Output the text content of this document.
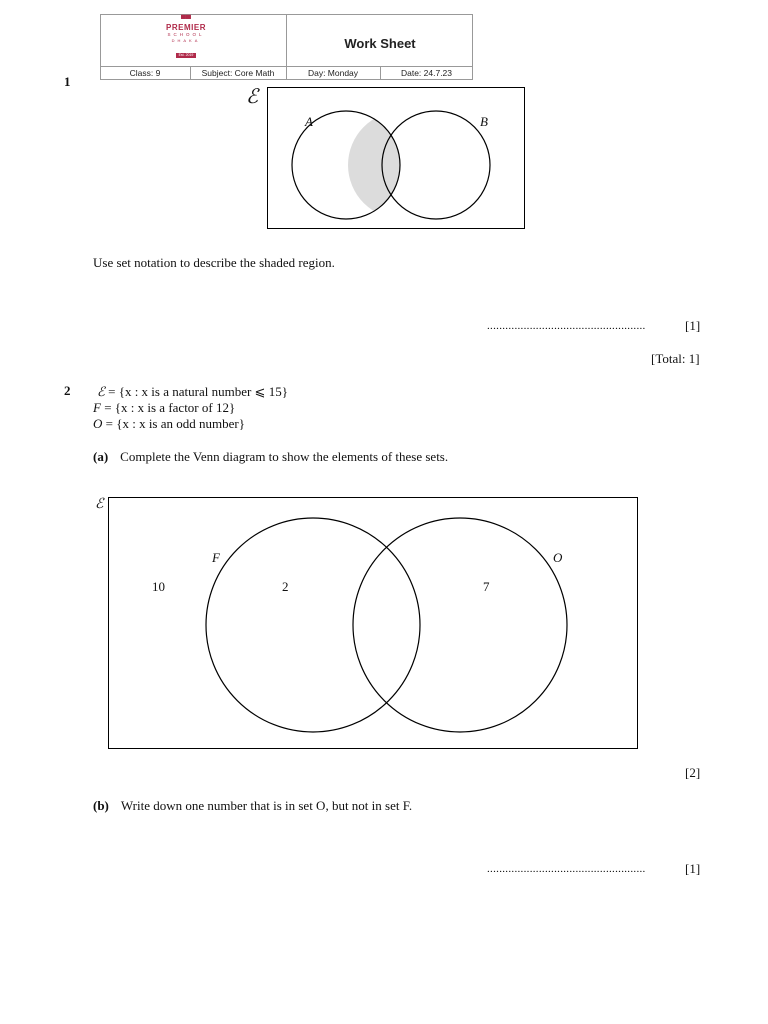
▀▀
PREMIER
SCHOOL
DHAKA
Est. 2019
Work Sheet
Class: 9	Subject: Core Math	Day: Monday	Date: 24.7.23
1
ℰ
A	B
Use set notation to describe the shaded region.
....................................................	[1]
[Total: 1]
2 ℰ = {x : x is a natural number ⩽ 15}
F = {x : x is a factor of 12}
O = {x : x is an odd number}
(a) Complete the Venn diagram to show the elements of these sets.
ℰ
F	O
10	2	7
[2]
(b) Write down one number that is in set O, but not in set F.
....................................................	[1]
